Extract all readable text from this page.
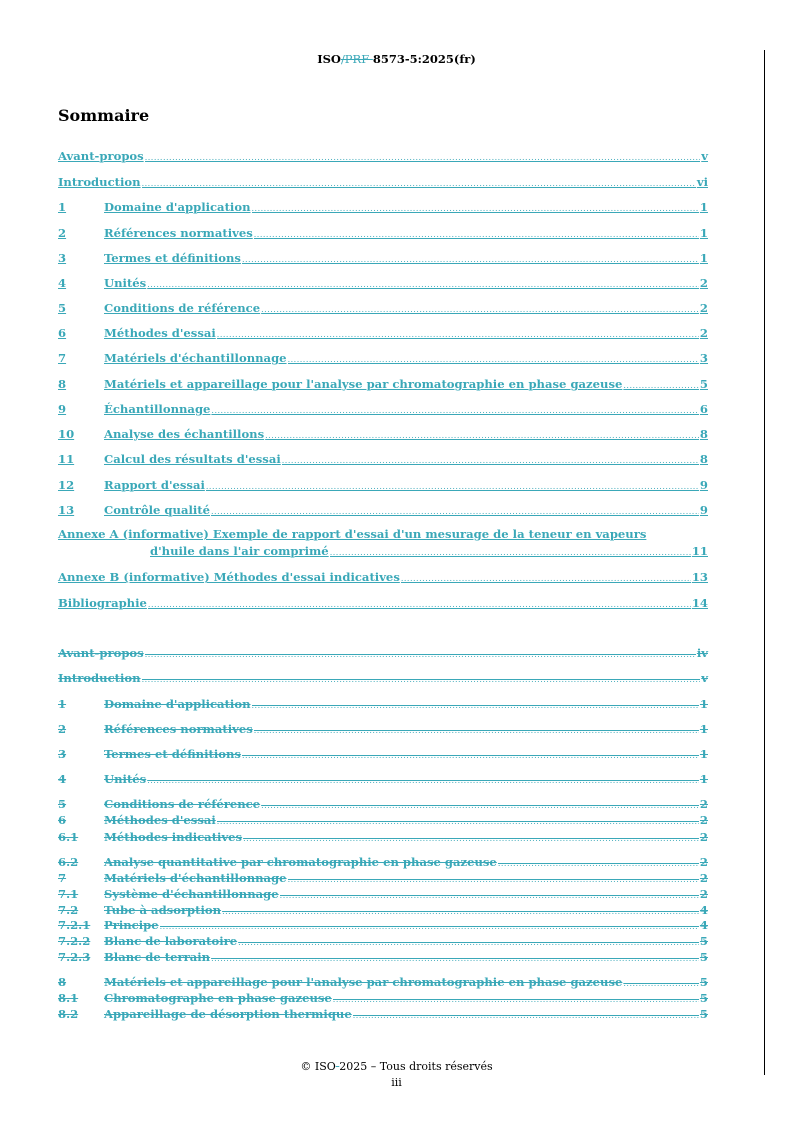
ISO/PRF 8573-5:2025(fr)
Sommaire
Avant-propos .....	v
Introduction .....	vi
1	Domaine d'application .....	1
2	Références normatives .....	1
3	Termes et définitions .....	1
4	Unités .....	2
5	Conditions de référence .....	2
6	Méthodes d'essai .....	2
7	Matériels d'échantillonnage .....	3
8	Matériels et appareillage pour l'analyse par chromatographie en phase gazeuse .....	5
9	Échantillonnage .....	6
10	Analyse des échantillons .....	8
11	Calcul des résultats d'essai .....	8
12	Rapport d'essai .....	9
13	Contrôle qualité .....	9
Annexe A (informative) Exemple de rapport d'essai d'un mesurage de la teneur en vapeurs
d'huile dans l'air comprimé .....	11
Annexe B (informative) Méthodes d'essai indicatives .....	13
Bibliographie .....	14
Avant-propos .....	iv
Introduction .....	v
1	Domaine d'application .....	1
2	Références normatives .....	1
3	Termes et définitions .....	1
4	Unités .....	1
5	Conditions de référence .....	2
6	Méthodes d'essai .....	2
6.1	Méthodes indicatives .....	2
6.2	Analyse quantitative par chromatographie en phase gazeuse .....	2
7	Matériels d'échantillonnage .....	2
7.1	Système d'échantillonnage .....	2
7.2	Tube à adsorption .....	4
7.2.1	Principe .....	4
7.2.2	Blanc de laboratoire .....	5
7.2.3	Blanc de terrain .....	5
8	Matériels et appareillage pour l'analyse par chromatographie en phase gazeuse .....	5
8.1	Chromatographe en phase gazeuse .....	5
8.2	Appareillage de désorption thermique .....	5
© ISO 2025 – Tous droits réservés
iii
